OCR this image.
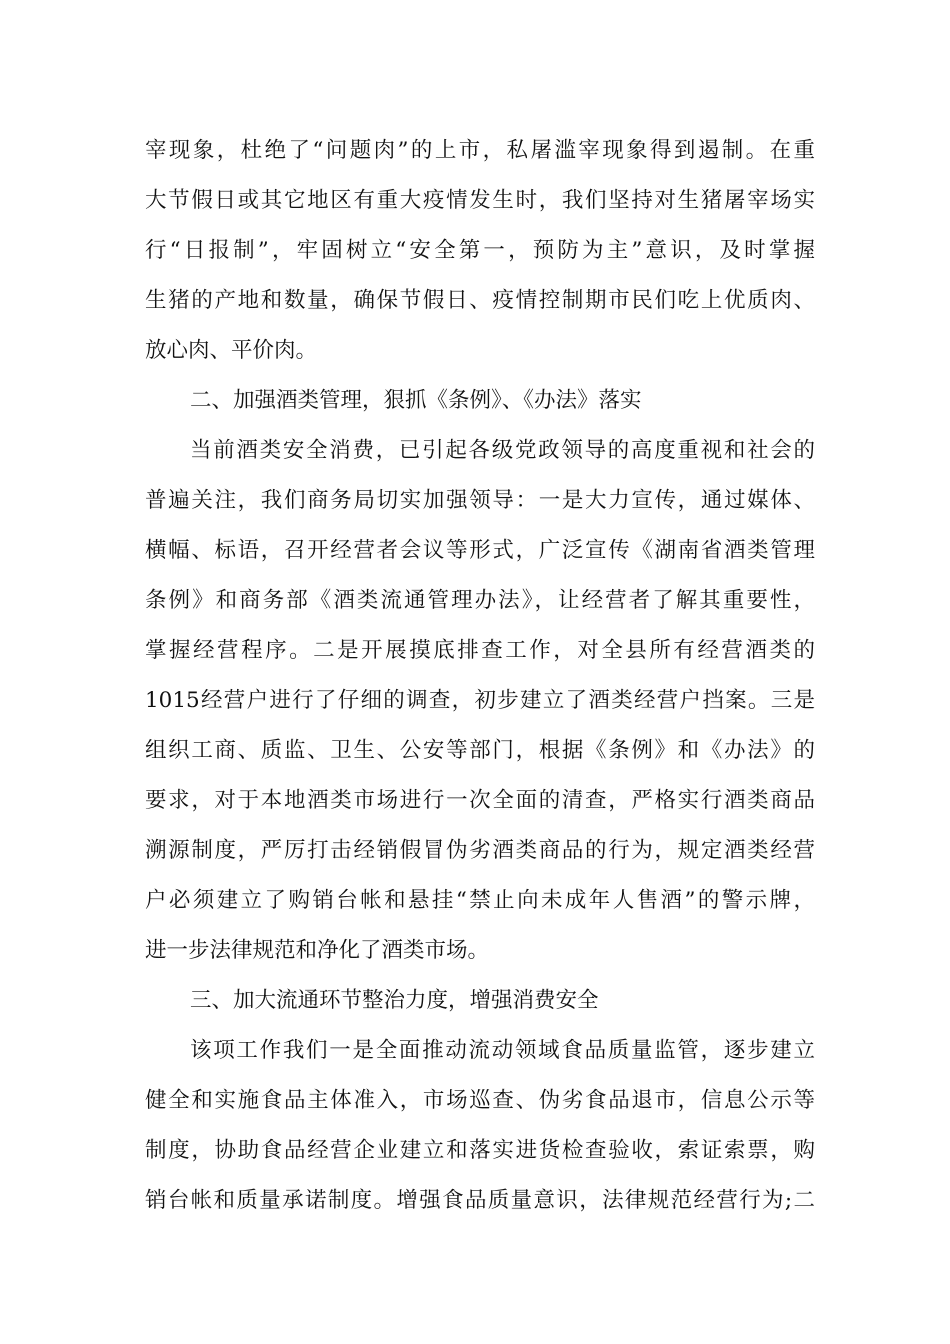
宰现象，杜绝了“问题肉”的上市，私屠滥宰现象得到遏制。在重
大节假日或其它地区有重大疫情发生时，我们坚持对生猪屠宰场实
行“日报制”，牢固树立“安全第一，预防为主”意识，及时掌握
生猪的产地和数量，确保节假日、疫情控制期市民们吃上优质肉、
放心肉、平价肉。
二、加强酒类管理，狠抓《条例》、《办法》落实
当前酒类安全消费，已引起各级党政领导的高度重视和社会的
普遍关注，我们商务局切实加强领导：一是大力宣传，通过媒体、
横幅、标语，召开经营者会议等形式，广泛宣传《湖南省酒类管理
条例》和商务部《酒类流通管理办法》，让经营者了解其重要性，
掌握经营程序。二是开展摸底排查工作，对全县所有经营酒类的
1015经营户进行了仔细的调查，初步建立了酒类经营户挡案。三是
组织工商、质监、卫生、公安等部门，根据《条例》和《办法》的
要求，对于本地酒类市场进行一次全面的清查，严格实行酒类商品
溯源制度，严厉打击经销假冒伪劣酒类商品的行为，规定酒类经营
户必须建立了购销台帐和悬挂“禁止向未成年人售酒”的警示牌，
进一步法律规范和净化了酒类市场。
三、加大流通环节整治力度，增强消费安全
该项工作我们一是全面推动流动领域食品质量监管，逐步建立
健全和实施食品主体准入，市场巡查、伪劣食品退市，信息公示等
制度，协助食品经营企业建立和落实进货检查验收，索证索票，购
销台帐和质量承诺制度。增强食品质量意识，法律规范经营行为;二
